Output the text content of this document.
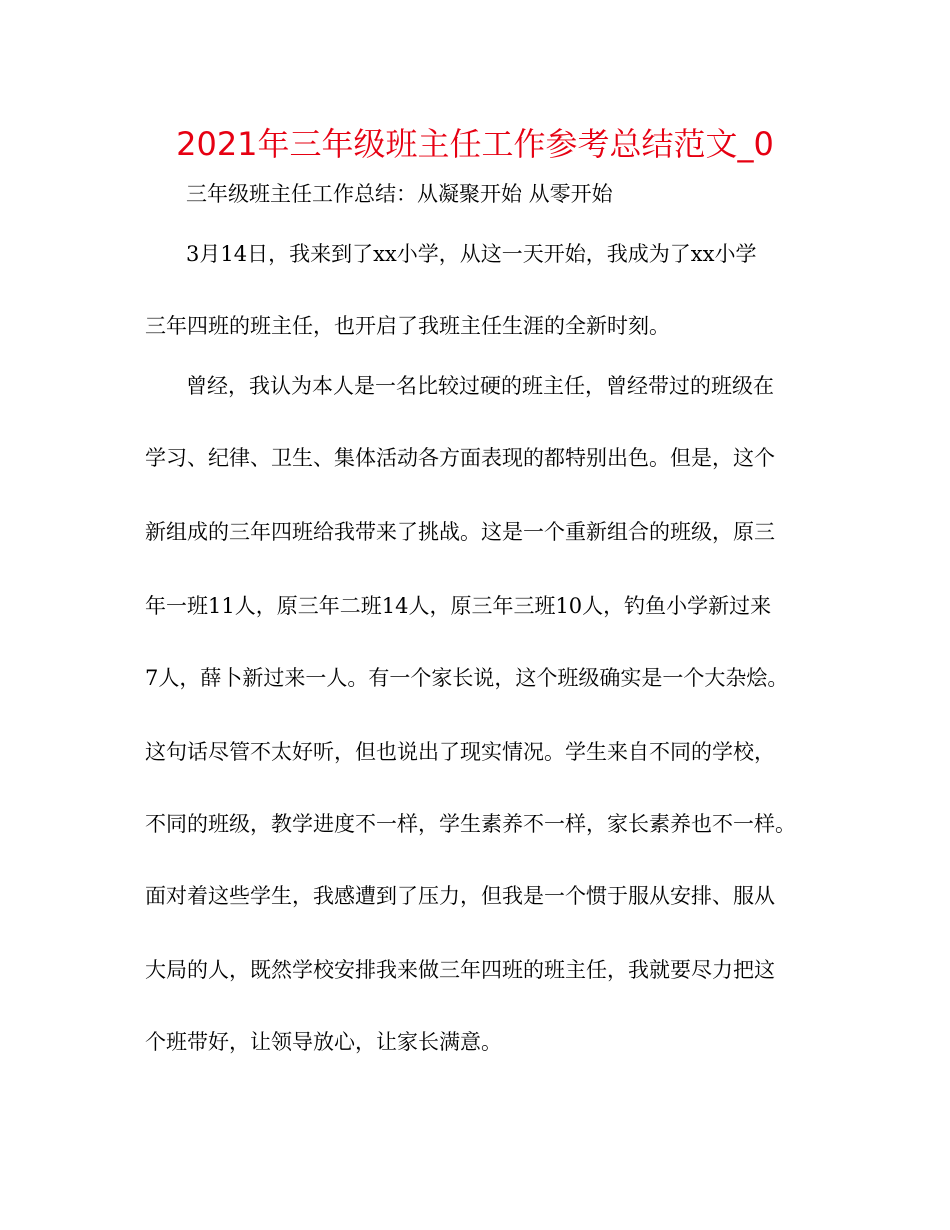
2021年三年级班主任工作参考总结范文_0
三年级班主任工作总结：从凝聚开始 从零开始
3月14日，我来到了xx小学，从这一天开始，我成为了xx小学
三年四班的班主任，也开启了我班主任生涯的全新时刻。
曾经，我认为本人是一名比较过硬的班主任，曾经带过的班级在
学习、纪律、卫生、集体活动各方面表现的都特别出色。但是，这个
新组成的三年四班给我带来了挑战。这是一个重新组合的班级，原三
年一班11人，原三年二班14人，原三年三班10人，钓鱼小学新过来
7人，薛卜新过来一人。有一个家长说，这个班级确实是一个大杂烩。
这句话尽管不太好听，但也说出了现实情况。学生来自不同的学校，
不同的班级，教学进度不一样，学生素养不一样，家长素养也不一样。
面对着这些学生，我感遭到了压力，但我是一个惯于服从安排、服从
大局的人，既然学校安排我来做三年四班的班主任，我就要尽力把这
个班带好，让领导放心，让家长满意。
